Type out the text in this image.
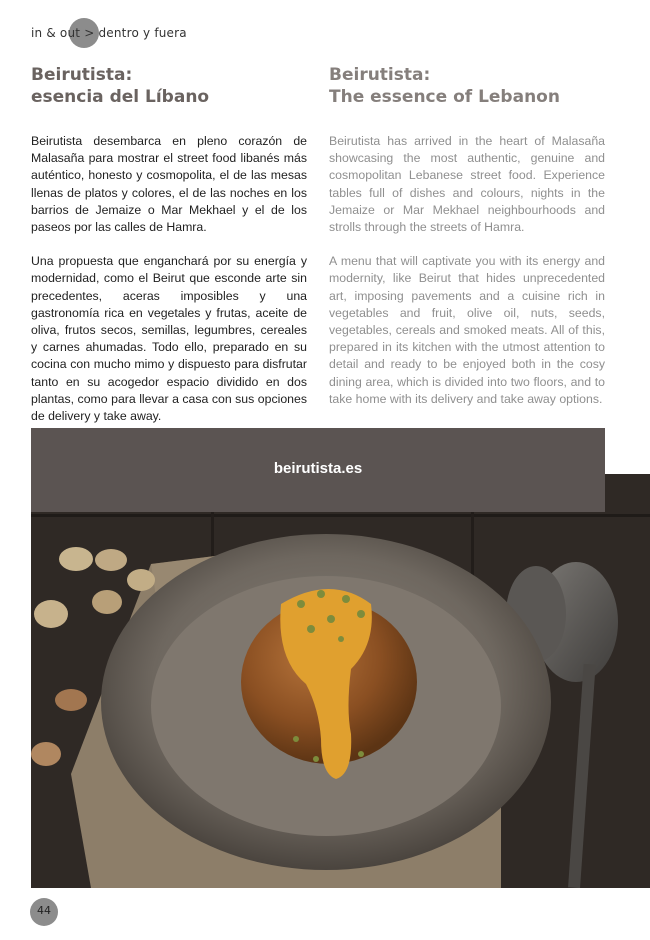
in & out > dentro y fuera
Beirutista:
esencia del Líbano

Beirutista desembarca en pleno corazón de Malasaña para mostrar el street food libanés más auténtico, honesto y cosmopolita, el de las mesas llenas de platos y colores, el de las noches en los barrios de Jemaize o Mar Mekhael y el de los paseos por las calles de Hamra.

Una propuesta que enganchará por su energía y modernidad, como el Beirut que esconde arte sin precedentes, aceras imposibles y una gastronomía rica en vegetales y frutas, aceite de oliva, frutos secos, semillas, legumbres, cereales y carnes ahumadas. Todo ello, preparado en su cocina con mucho mimo y dispuesto para disfrutar tanto en su acogedor espacio dividido en dos plantas, como para llevar a casa con sus opciones de delivery y take away.

Beirutista:
The essence of Lebanon

Beirutista has arrived in the heart of Malasaña showcasing the most authentic, genuine and cosmopolitan Lebanese street food. Experience tables full of dishes and colours, nights in the Jemaize or Mar Mekhael neighbourhoods and strolls through the streets of Hamra.

A menu that will captivate you with its energy and modernity, like Beirut that hides unprecedented art, imposing pavements and a cuisine rich in vegetables and fruit, olive oil, nuts, seeds, vegetables, cereals and smoked meats. All of this, prepared in its kitchen with the utmost attention to detail and ready to be enjoyed both in the cosy dining area, which is divided into two floors, and to take home with its delivery and take away options.

beirutista.es
44
